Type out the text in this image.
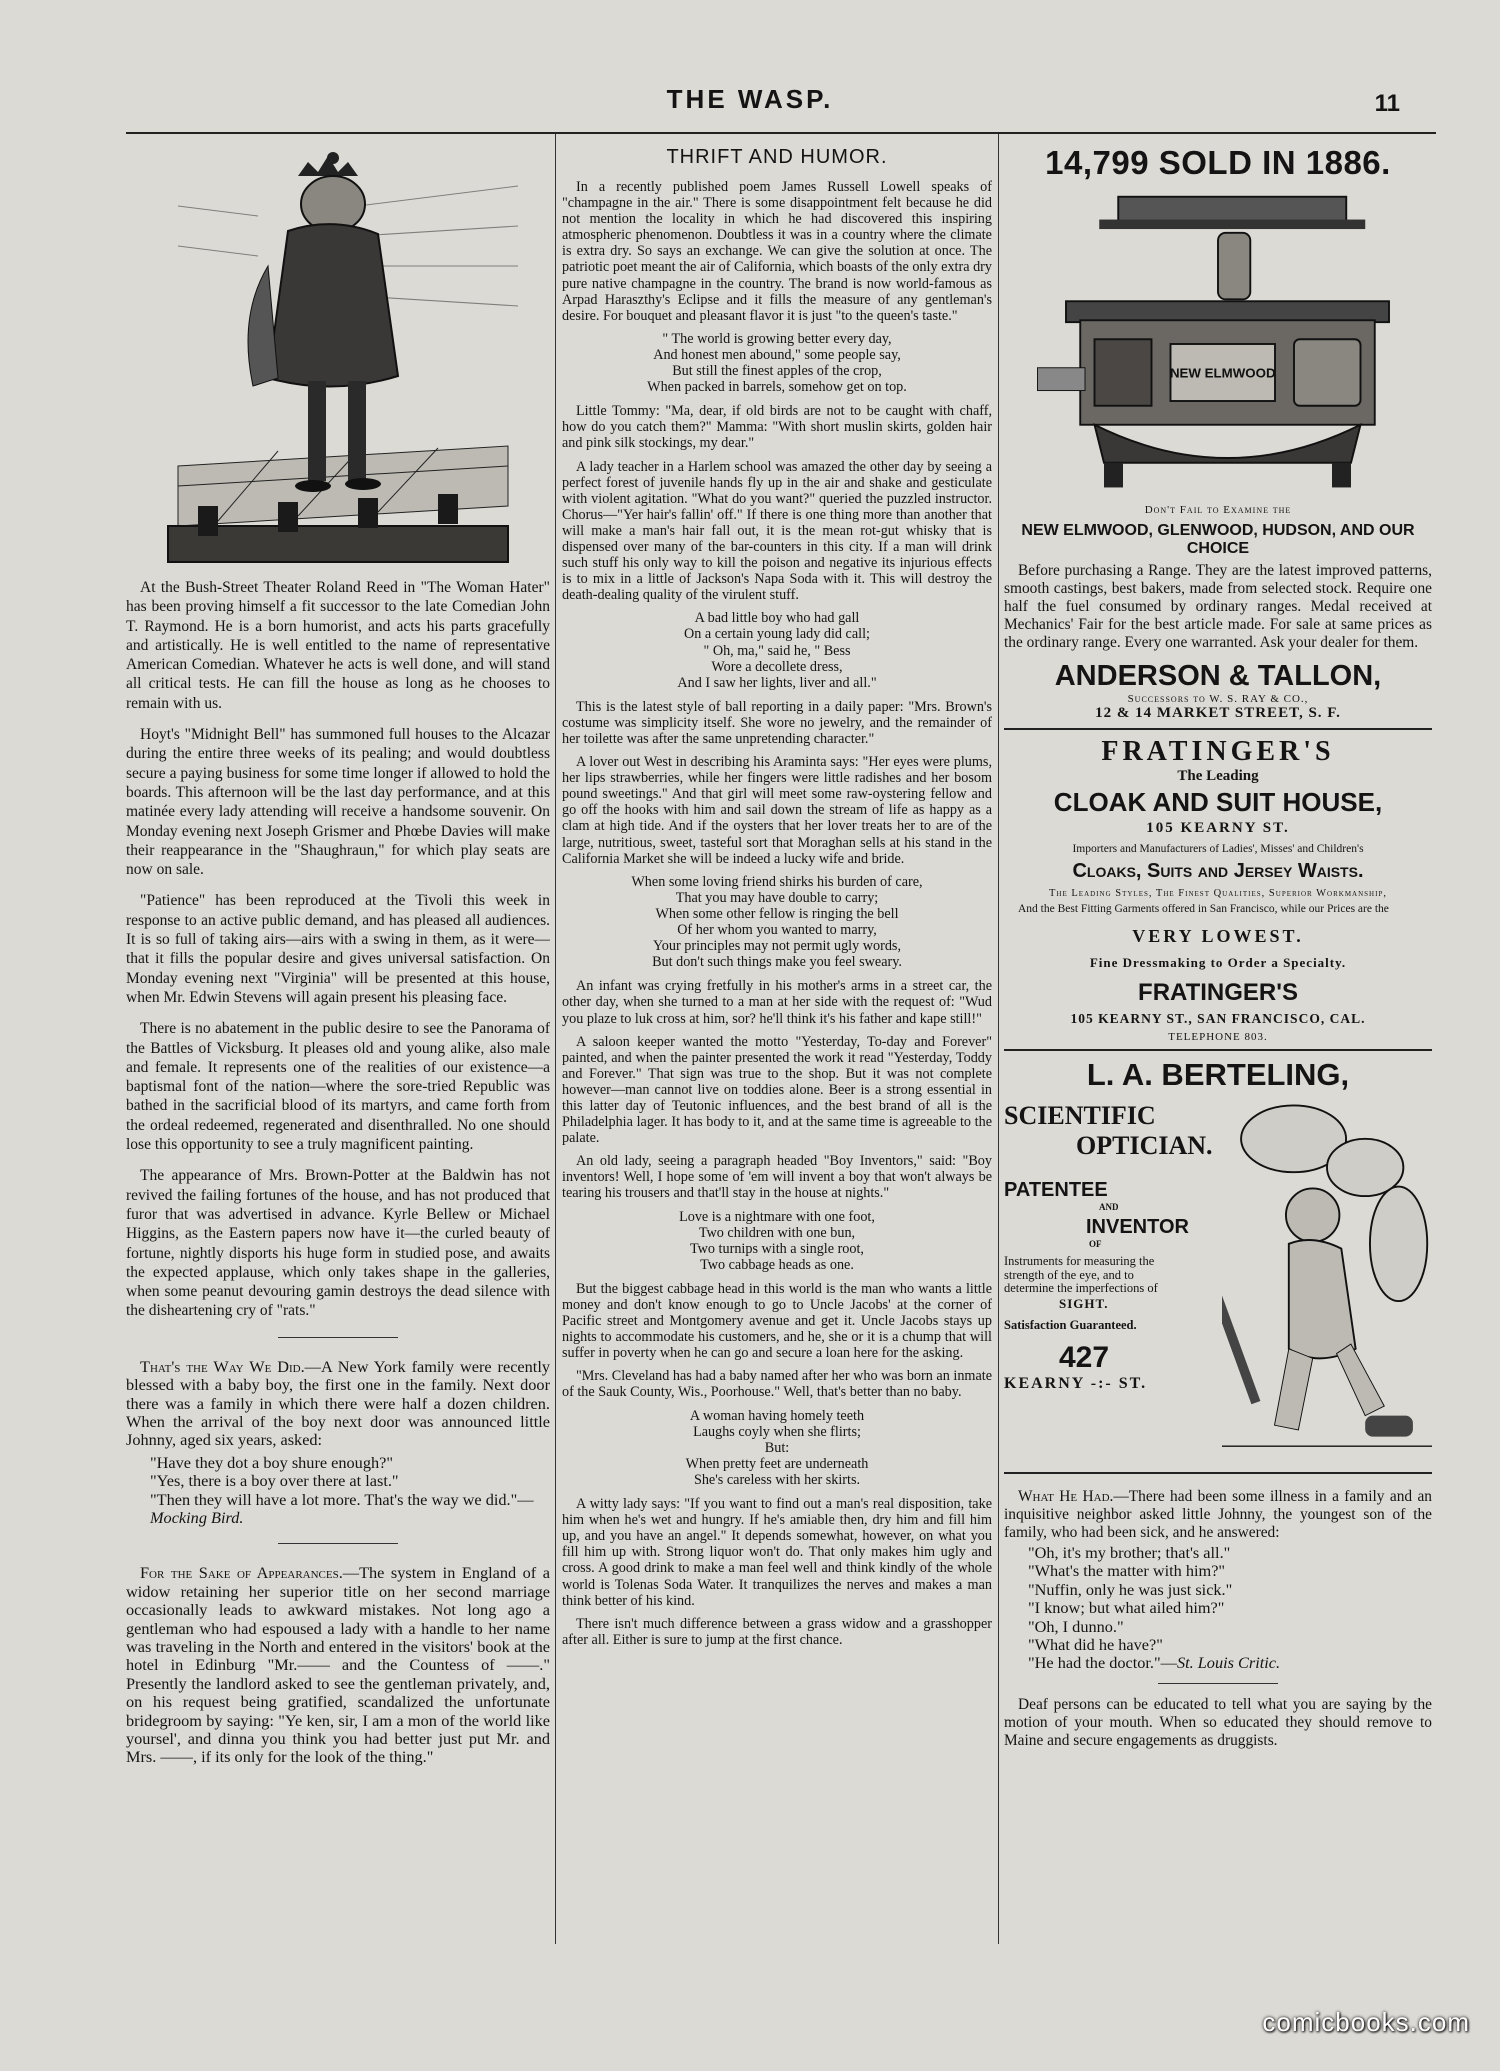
THE WASP.	11

At the Bush-Street Theater Roland Reed in "The Woman Hater" has been proving himself a fit successor to the late Comedian John T. Raymond. He is a born humorist, and acts his parts gracefully and artistically. He is well entitled to the name of representative American Comedian. Whatever he acts is well done, and will stand all critical tests. He can fill the house as long as he chooses to remain with us.

Hoyt's "Midnight Bell" has summoned full houses to the Alcazar during the entire three weeks of its pealing; and would doubtless secure a paying business for some time longer if allowed to hold the boards. This afternoon will be the last day performance, and at this matinée every lady attending will receive a handsome souvenir. On Monday evening next Joseph Grismer and Phœbe Davies will make their reappearance in the "Shaughraun," for which play seats are now on sale.

"Patience" has been reproduced at the Tivoli this week in response to an active public demand, and has pleased all audiences. It is so full of taking airs—airs with a swing in them, as it were—that it fills the popular desire and gives universal satisfaction. On Monday evening next "Virginia" will be presented at this house, when Mr. Edwin Stevens will again present his pleasing face.

There is no abatement in the public desire to see the Panorama of the Battles of Vicksburg. It pleases old and young alike, also male and female. It represents one of the realities of our existence—a baptismal font of the nation—where the sore-tried Republic was bathed in the sacrificial blood of its martyrs, and came forth from the ordeal redeemed, regenerated and disenthralled. No one should lose this opportunity to see a truly magnificent painting.

The appearance of Mrs. Brown-Potter at the Baldwin has not revived the failing fortunes of the house, and has not produced that furor that was advertised in advance. Kyrle Bellew or Michael Higgins, as the Eastern papers now have it—the curled beauty of fortune, nightly disports his huge form in studied pose, and awaits the expected applause, which only takes shape in the galleries, when some peanut devouring gamin destroys the dead silence with the disheartening cry of "rats."

That's the Way We Did.—A New York family were recently blessed with a baby boy, the first one in the family. Next door there was a family in which there were half a dozen children. When the arrival of the boy next door was announced little Johnny, aged six years, asked:

"Have they dot a boy shure enough?"
"Yes, there is a boy over there at last."
"Then they will have a lot more. That's the way we did."—Mocking Bird.

For the Sake of Appearances.—The system in England of a widow retaining her superior title on her second marriage occasionally leads to awkward mistakes. Not long ago a gentleman who had espoused a lady with a handle to her name was traveling in the North and entered in the visitors' book at the hotel in Edinburg "Mr.—— and the Countess of ——." Presently the landlord asked to see the gentleman privately, and, on his request being gratified, scandalized the unfortunate bridegroom by saying: "Ye ken, sir, I am a mon of the world like yoursel', and dinna you think you had better just put Mr. and Mrs. ——, if its only for the look of the thing."

THRIFT AND HUMOR.

In a recently published poem James Russell Lowell speaks of "champagne in the air." There is some disappointment felt because he did not mention the locality in which he had discovered this inspiring atmospheric phenomenon. Doubtless it was in a country where the climate is extra dry. So says an exchange. We can give the solution at once. The patriotic poet meant the air of California, which boasts of the only extra dry pure native champagne in the country. The brand is now world-famous as Arpad Haraszthy's Eclipse and it fills the measure of any gentleman's desire. For bouquet and pleasant flavor it is just "to the queen's taste."

" The world is growing better every day,
And honest men abound," some people say,
But still the finest apples of the crop,
When packed in barrels, somehow get on top.

Little Tommy: "Ma, dear, if old birds are not to be caught with chaff, how do you catch them?" Mamma: "With short muslin skirts, golden hair and pink silk stockings, my dear."

A lady teacher in a Harlem school was amazed the other day by seeing a perfect forest of juvenile hands fly up in the air and shake and gesticulate with violent agitation. "What do you want?" queried the puzzled instructor. Chorus—"Yer hair's fallin' off." If there is one thing more than another that will make a man's hair fall out, it is the mean rot-gut whisky that is dispensed over many of the bar-counters in this city. If a man will drink such stuff his only way to kill the poison and negative its injurious effects is to mix in a little of Jackson's Napa Soda with it. This will destroy the death-dealing quality of the virulent stuff.

A bad little boy who had gall
On a certain young lady did call;
" Oh, ma," said he, " Bess
Wore a decollete dress,
And I saw her lights, liver and all."

This is the latest style of ball reporting in a daily paper: "Mrs. Brown's costume was simplicity itself. She wore no jewelry, and the remainder of her toilette was after the same unpretending character."

A lover out West in describing his Araminta says: "Her eyes were plums, her lips strawberries, while her fingers were little radishes and her bosom pound sweetings." And that girl will meet some raw-oystering fellow and go off the hooks with him and sail down the stream of life as happy as a clam at high tide. And if the oysters that her lover treats her to are of the large, nutritious, sweet, tasteful sort that Moraghan sells at his stand in the California Market she will be indeed a lucky wife and bride.

When some loving friend shirks his burden of care,
That you may have double to carry;
When some other fellow is ringing the bell
Of her whom you wanted to marry,
Your principles may not permit ugly words,
But don't such things make you feel sweary.

An infant was crying fretfully in his mother's arms in a street car, the other day, when she turned to a man at her side with the request of: "Wud you plaze to luk cross at him, sor? he'll think it's his father and kape still!"

A saloon keeper wanted the motto "Yesterday, To-day and Forever" painted, and when the painter presented the work it read "Yesterday, Toddy and Forever." That sign was true to the shop. But it was not complete however—man cannot live on toddies alone. Beer is a strong essential in this latter day of Teutonic influences, and the best brand of all is the Philadelphia lager. It has body to it, and at the same time is agreeable to the palate.

An old lady, seeing a paragraph headed "Boy Inventors," said: "Boy inventors! Well, I hope some of 'em will invent a boy that won't always be tearing his trousers and that'll stay in the house at nights."

Love is a nightmare with one foot,
Two children with one bun,
Two turnips with a single root,
Two cabbage heads as one.

But the biggest cabbage head in this world is the man who wants a little money and don't know enough to go to Uncle Jacobs' at the corner of Pacific street and Montgomery avenue and get it. Uncle Jacobs stays up nights to accommodate his customers, and he, she or it is a chump that will suffer in poverty when he can go and secure a loan here for the asking.

"Mrs. Cleveland has had a baby named after her who was born an inmate of the Sauk County, Wis., Poorhouse." Well, that's better than no baby.

A woman having homely teeth
Laughs coyly when she flirts;
But:
When pretty feet are underneath
She's careless with her skirts.

A witty lady says: "If you want to find out a man's real disposition, take him when he's wet and hungry. If he's amiable then, dry him and fill him up, and you have an angel." It depends somewhat, however, on what you fill him up with. Strong liquor won't do. That only makes him ugly and cross. A good drink to make a man feel well and think kindly of the whole world is Tolenas Soda Water. It tranquilizes the nerves and makes a man think better of his kind.

There isn't much difference between a grass widow and a grasshopper after all. Either is sure to jump at the first chance.

14,799 SOLD IN 1886.
NEW ELMWOOD
Don't Fail to Examine the
NEW ELMWOOD, GLENWOOD, HUDSON, AND OUR CHOICE

Before purchasing a Range. They are the latest improved patterns, smooth castings, best bakers, made from selected stock. Require one half the fuel consumed by ordinary ranges. Medal received at Mechanics' Fair for the best article made. For sale at same prices as the ordinary range. Every one warranted. Ask your dealer for them.

ANDERSON & TALLON,
Successors to W. S. RAY & CO.,
12 & 14 MARKET STREET, S. F.
FRATINGER'S
The Leading
CLOAK AND SUIT HOUSE,
105 KEARNY ST.
Importers and Manufacturers of Ladies', Misses' and Children's
Cloaks, Suits and Jersey Waists.
The Leading Styles, The Finest Qualities, Superior Workmanship,

And the Best Fitting Garments offered in San Francisco, while our Prices are the

VERY LOWEST.
Fine Dressmaking to Order a Specialty.
FRATINGER'S
105 KEARNY ST., SAN FRANCISCO, CAL.
TELEPHONE 803.
L. A. BERTELING,
SCIENTIFIC
OPTICIAN.
PATENTEE
AND
INVENTOR
OF
Instruments for measuring the strength of the eye, and to determine the imperfections of
SIGHT.
Satisfaction Guaranteed.
427
KEARNY -:- ST.

What He Had.—There had been some illness in a family and an inquisitive neighbor asked little Johnny, the youngest son of the family, who had been sick, and he answered:

"Oh, it's my brother; that's all."
"What's the matter with him?"
"Nuffin, only he was just sick."
"I know; but what ailed him?"
"Oh, I dunno."
"What did he have?"
"He had the doctor."—St. Louis Critic.

Deaf persons can be educated to tell what you are saying by the motion of your mouth. When so educated they should remove to Maine and secure engagements as druggists.

comicbooks.com
